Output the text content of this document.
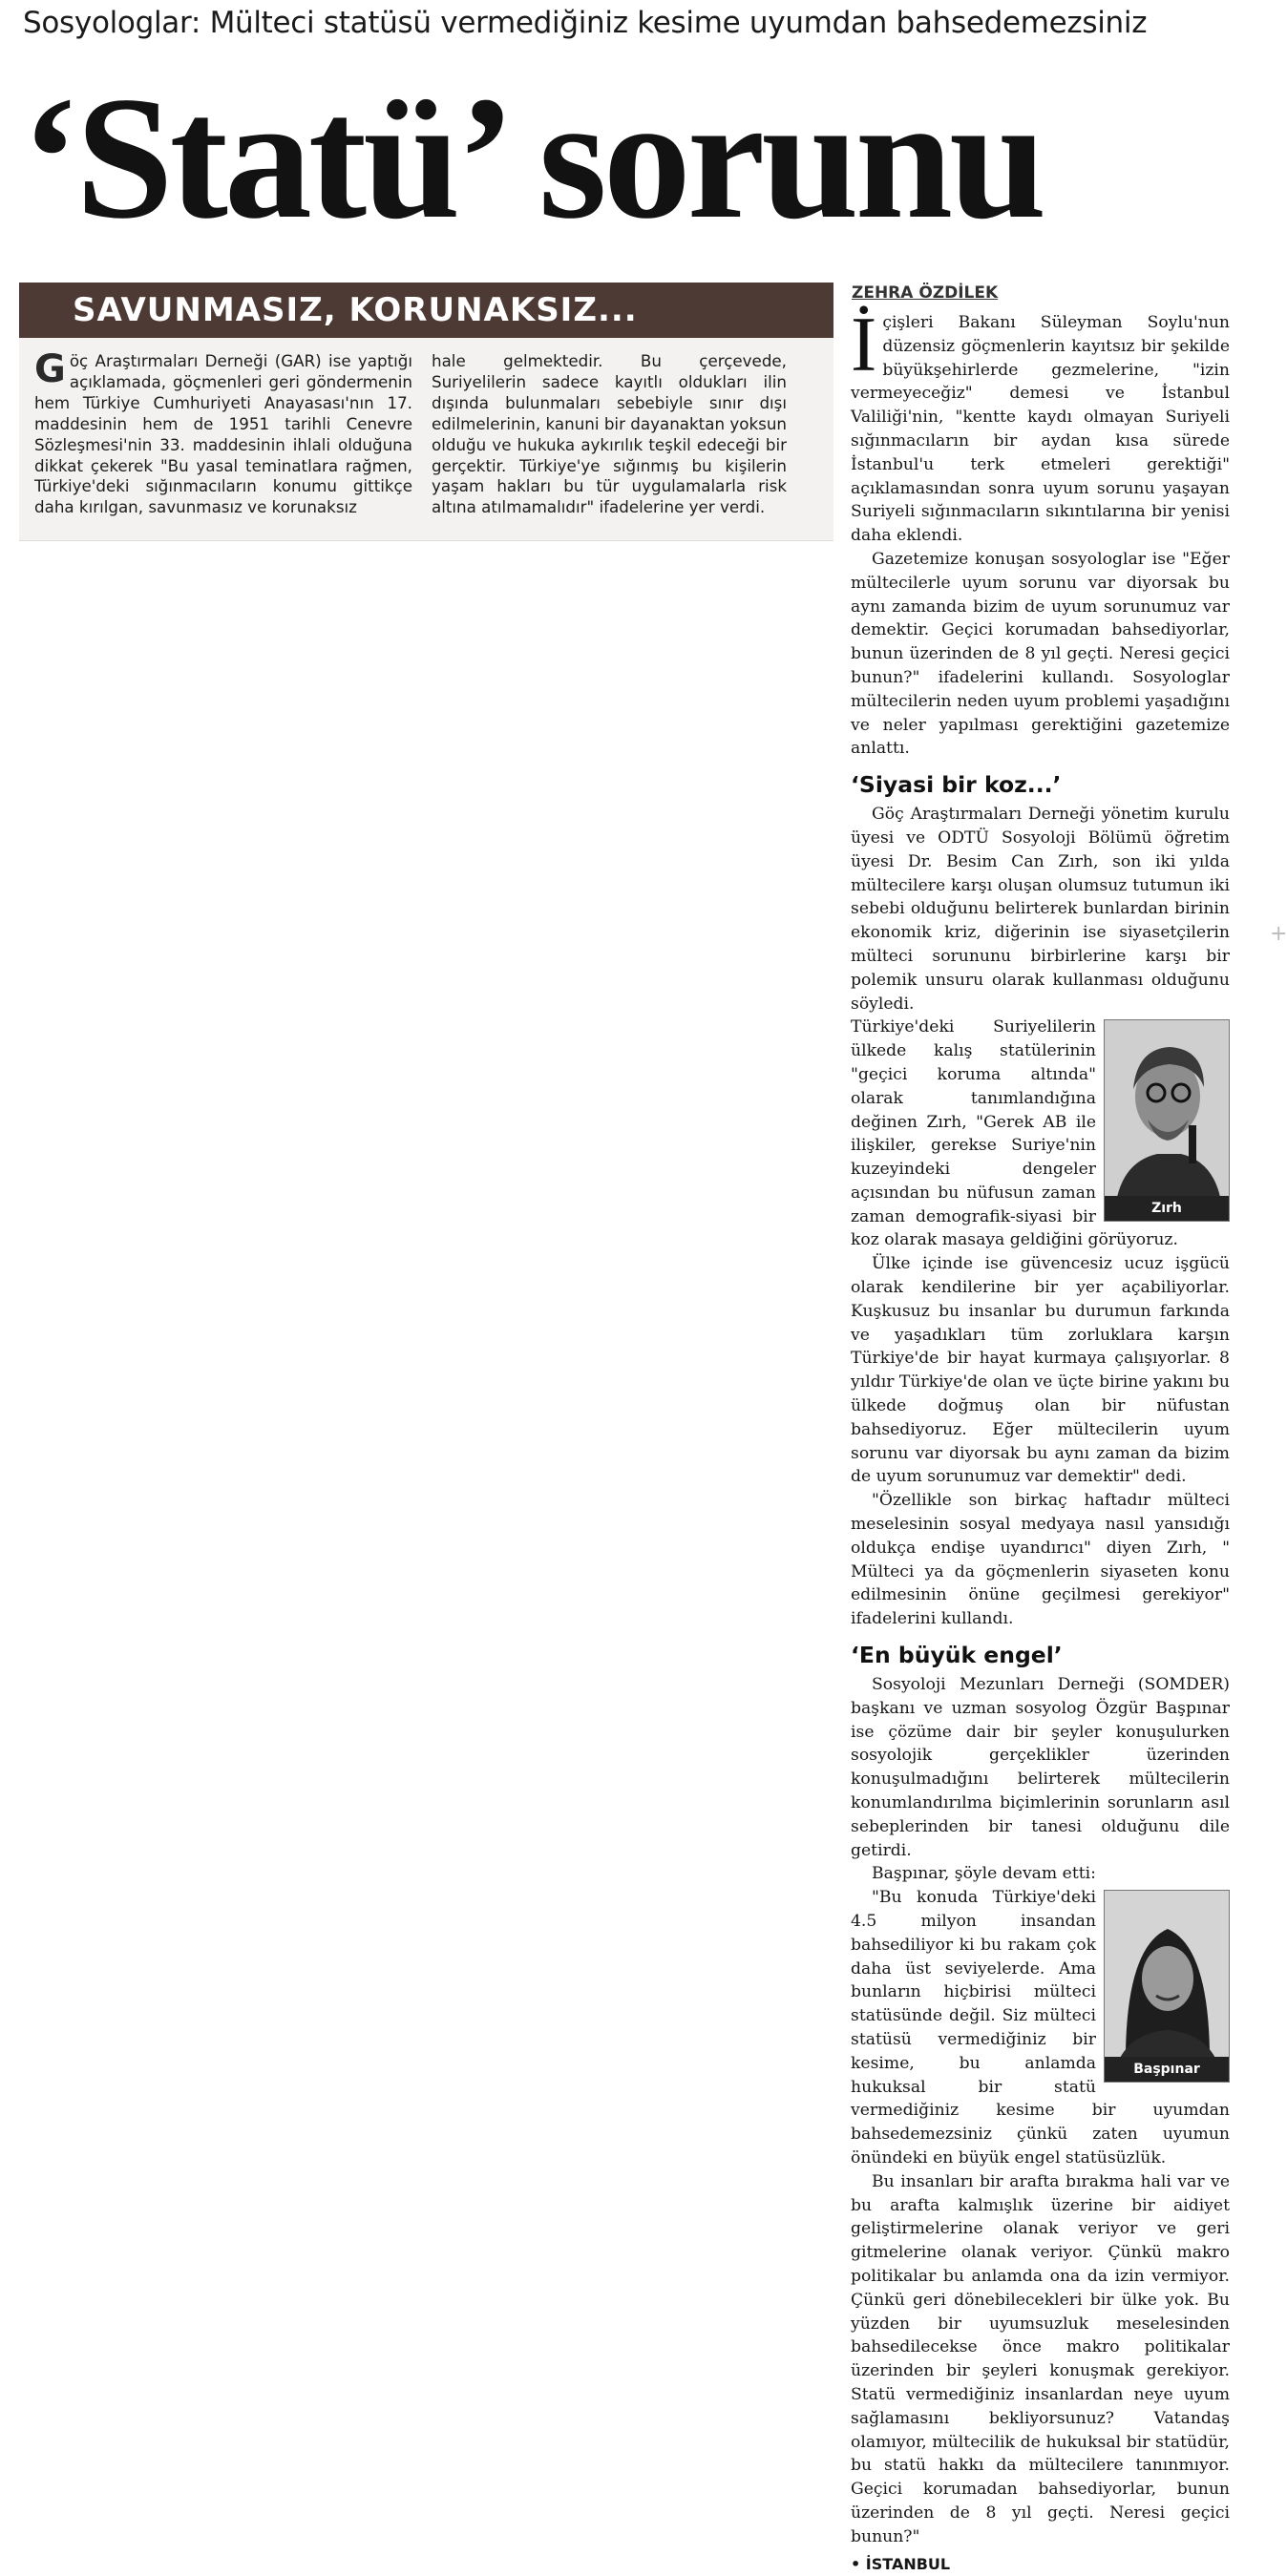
Sosyologlar: Mülteci statüsü vermediğiniz kesime uyumdan bahsedemezsiniz
‘Statü’ sorunu
SAVUNMASIZ, KORUNAKSIZ...

Göç Araştırmaları Derneği (GAR) ise yaptığı açıklamada, göçmenleri geri göndermenin hem Türkiye Cumhuriyeti Anayasası'nın 17. maddesinin hem de 1951 tarihli Cenevre Sözleşmesi'nin 33. maddesinin ihlali olduğuna dikkat çekerek "Bu yasal teminatlara rağmen, Türkiye'deki sığınmacıların konumu gittikçe daha kırılgan, savunmasız ve korunaksız

hale gelmektedir. Bu çerçevede, Suriyelilerin sadece kayıtlı oldukları ilin dışında bulunmaları sebebiyle sınır dışı edilmelerinin, kanuni bir dayanaktan yoksun olduğu ve hukuka aykırılık teşkil edeceği bir gerçektir. Türkiye'ye sığınmış bu kişilerin yaşam hakları bu tür uygulamalarla risk altına atılmamalıdır" ifadelerine yer verdi.

ZEHRA ÖZDİLEK

İçişleri Bakanı Süleyman Soylu'nun düzensiz göçmenlerin kayıtsız bir şekilde büyükşehirlerde gezmelerine, "izin vermeyeceğiz" demesi ve İstanbul Valiliği'nin, "kentte kaydı olmayan Suriyeli sığınmacıların bir aydan kısa sürede İstanbul'u terk etmeleri gerektiği" açıklamasından sonra uyum sorunu yaşayan Suriyeli sığınmacıların sıkıntılarına bir yenisi daha eklendi.

Gazetemize konuşan sosyologlar ise "Eğer mültecilerle uyum sorunu var diyorsak bu aynı zamanda bizim de uyum sorunumuz var demektir. Geçici korumadan bahsediyorlar, bunun üzerinden de 8 yıl geçti. Neresi geçici bunun?" ifadelerini kullandı. Sosyologlar mültecilerin neden uyum problemi yaşadığını ve neler yapılması gerektiğini gazetemize anlattı.

‘Siyasi bir koz...’

Göç Araştırmaları Derneği yönetim kurulu üyesi ve ODTÜ Sosyoloji Bölümü öğretim üyesi Dr. Besim Can Zırh, son iki yılda mültecilere karşı oluşan olumsuz tutumun iki sebebi olduğunu belirterek bunlardan birinin ekonomik kriz, diğerinin ise siyasetçilerin mülteci sorununu birbirlerine karşı bir polemik unsuru olarak kullanması olduğunu söyledi.

Zırh

Türkiye'deki Suriyelilerin ülkede kalış statülerinin "geçici koruma altında" olarak tanımlandığına değinen Zırh, "Gerek AB ile ilişkiler, gerekse Suriye'nin kuzeyindeki dengeler açısından bu nüfusun zaman zaman demografik-siyasi bir koz olarak masaya geldiğini görüyoruz.

Ülke içinde ise güvencesiz ucuz işgücü olarak kendilerine bir yer açabiliyorlar. Kuşkusuz bu insanlar bu durumun farkında ve yaşadıkları tüm zorluklara karşın Türkiye'de bir hayat kurmaya çalışıyorlar. 8 yıldır Türkiye'de olan ve üçte birine yakını bu ülkede doğmuş olan bir nüfustan bahsediyoruz. Eğer mültecilerin uyum sorunu var diyorsak bu aynı zaman da bizim de uyum sorunumuz var demektir" dedi.

"Özellikle son birkaç haftadır mülteci meselesinin sosyal medyaya nasıl yansıdığı oldukça endişe uyandırıcı" diyen Zırh, " Mülteci ya da göçmenlerin siyaseten konu edilmesinin önüne geçilmesi gerekiyor" ifadelerini kullandı.

‘En büyük engel’

Sosyoloji Mezunları Derneği (SOMDER) başkanı ve uzman sosyolog Özgür Başpınar ise çözüme dair bir şeyler konuşulurken sosyolojik gerçeklikler üzerinden konuşulmadığını belirterek mültecilerin konumlandırılma biçimlerinin sorunların asıl sebeplerinden bir tanesi olduğunu dile getirdi.

Başpınar, şöyle devam etti:

Başpınar

"Bu konuda Türkiye'deki 4.5 milyon insandan bahsediliyor ki bu rakam çok daha üst seviyelerde. Ama bunların hiçbirisi mülteci statüsünde değil. Siz mülteci statüsü vermediğiniz bir kesime, bu anlamda hukuksal bir statü vermediğiniz kesime bir uyumdan bahsedemezsiniz çünkü zaten uyumun önündeki en büyük engel statüsüzlük.

Bu insanları bir arafta bırakma hali var ve bu arafta kalmışlık üzerine bir aidiyet geliştirmelerine olanak veriyor ve geri gitmelerine olanak veriyor. Çünkü makro politikalar bu anlamda ona da izin vermiyor. Çünkü geri dönebilecekleri bir ülke yok. Bu yüzden bir uyumsuzluk meselesinden bahsedilecekse önce makro politikalar üzerinden bir şeyleri konuşmak gerekiyor. Statü vermediğiniz insanlardan neye uyum sağlamasını bekliyorsunuz? Vatandaş olamıyor, mültecilik de hukuksal bir statüdür, bu statü hakkı da mültecilere tanınmıyor. Geçici korumadan bahsediyorlar, bunun üzerinden de 8 yıl geçti. Neresi geçici bunun?"

• İSTANBUL
+
